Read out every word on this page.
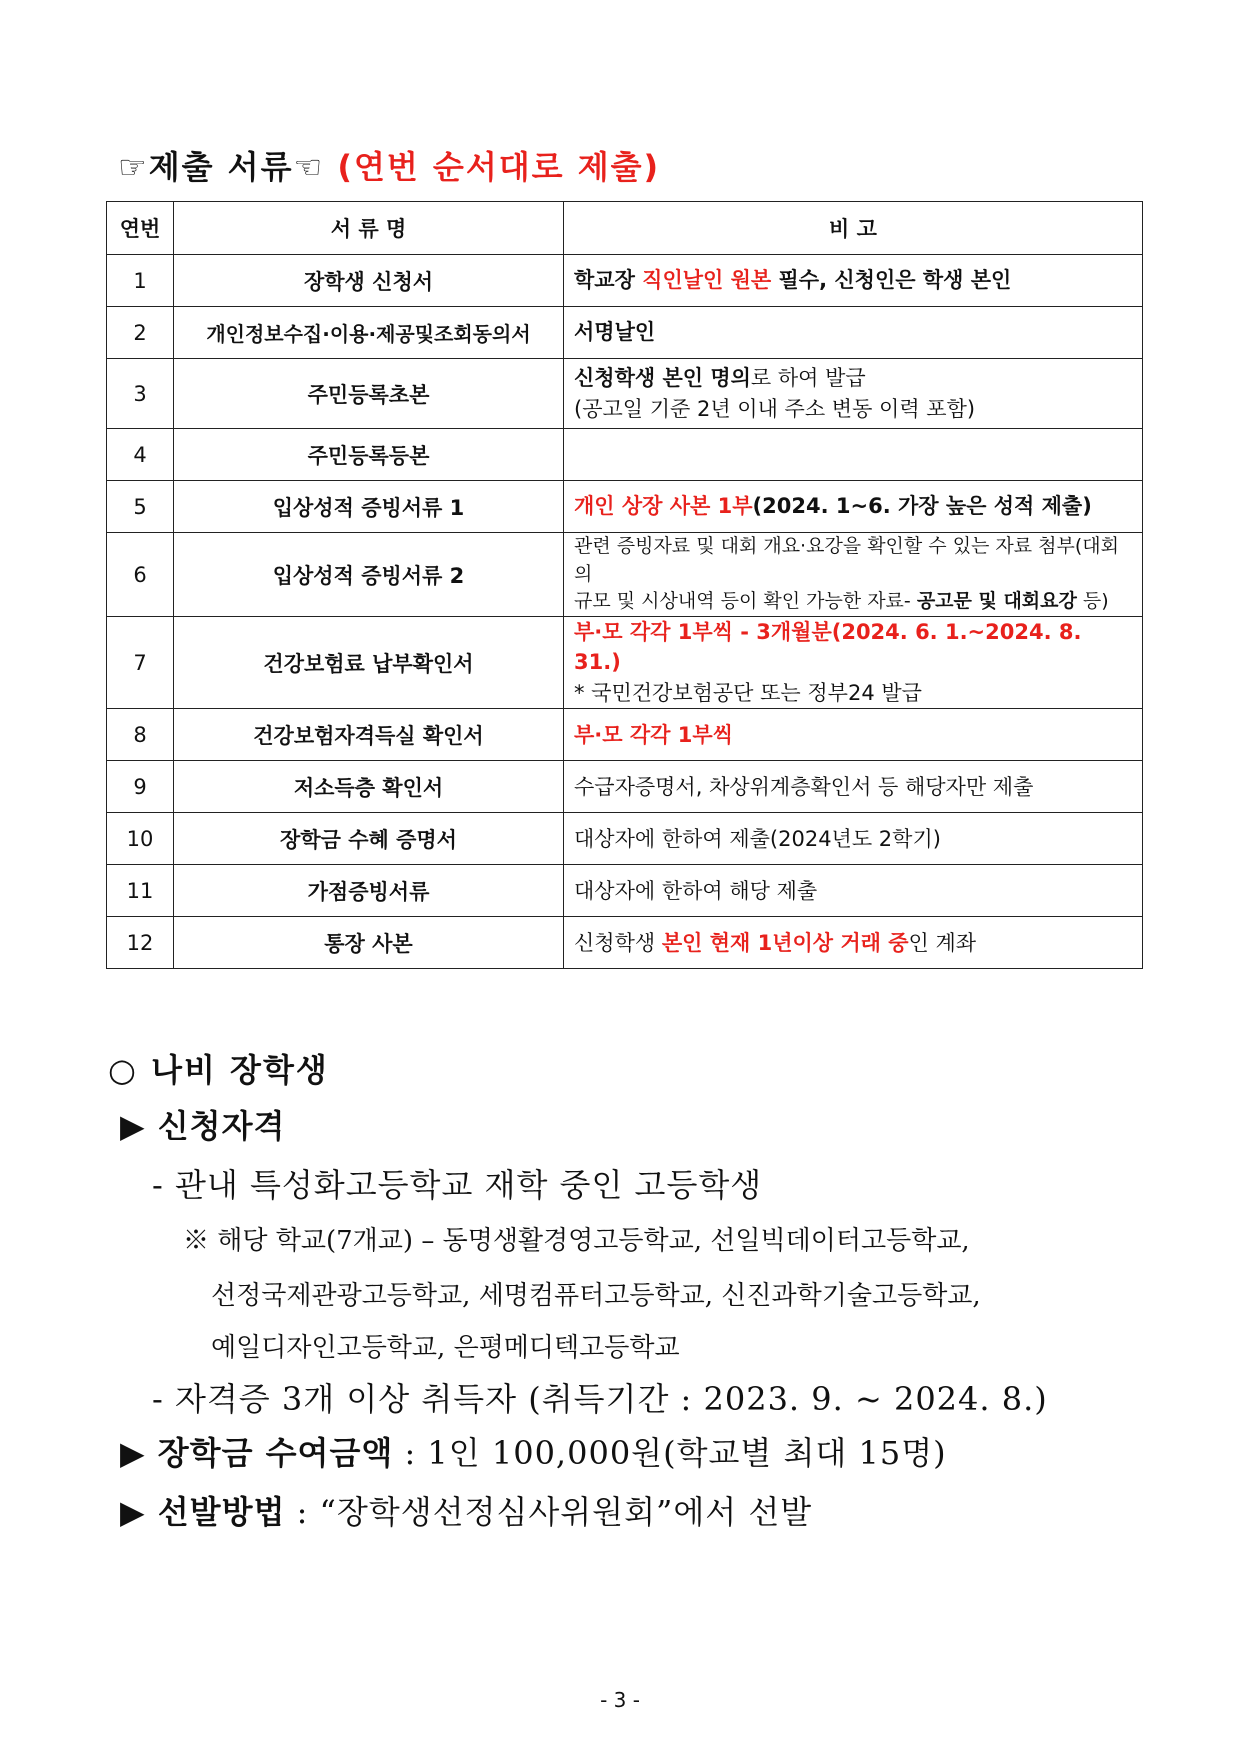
☞제출 서류☜ (연번 순서대로 제출)
연번	서 류 명	비 고
1	장학생 신청서	학교장 직인날인 원본 필수, 신청인은 학생 본인

2	개인정보수집·이용·제공및조회동의서	서명날인

3	주민등록초본	신청학생 본인 명의로 하여 발급
(공고일 기준 2년 이내 주소 변동 이력 포함)

4	주민등록등본	
5	입상성적 증빙서류 1	개인 상장 사본 1부(2024. 1~6. 가장 높은 성적 제출)

6	입상성적 증빙서류 2	관련 증빙자료 및 대회 개요·요강을 확인할 수 있는 자료 첨부(대회의
규모 및 시상내역 등이 확인 가능한 자료- 공고문 및 대회요강 등)

7	건강보험료 납부확인서	부·모 각각 1부씩 - 3개월분(2024. 6. 1.~2024. 8. 31.)
* 국민건강보험공단 또는 정부24 발급

8	건강보험자격득실 확인서	부·모 각각 1부씩

9	저소득층 확인서	수급자증명서, 차상위계층확인서 등 해당자만 제출

10	장학금 수혜 증명서	대상자에 한하여 제출(2024년도 2학기)

11	가점증빙서류	대상자에 한하여 해당 제출

12	통장 사본	신청학생 본인 현재 1년이상 거래 중인 계좌
○ 나비 장학생
▶ 신청자격
- 관내 특성화고등학교 재학 중인 고등학생
※ 해당 학교(7개교) – 동명생활경영고등학교, 선일빅데이터고등학교,
선정국제관광고등학교, 세명컴퓨터고등학교, 신진과학기술고등학교,
예일디자인고등학교, 은평메디텍고등학교
- 자격증 3개 이상 취득자 (취득기간 : 2023. 9. ~ 2024. 8.)
▶ 장학금 수여금액 : 1인 100,000원(학교별 최대 15명)
▶ 선발방법 : “장학생선정심사위원회”에서 선발
- 3 -
